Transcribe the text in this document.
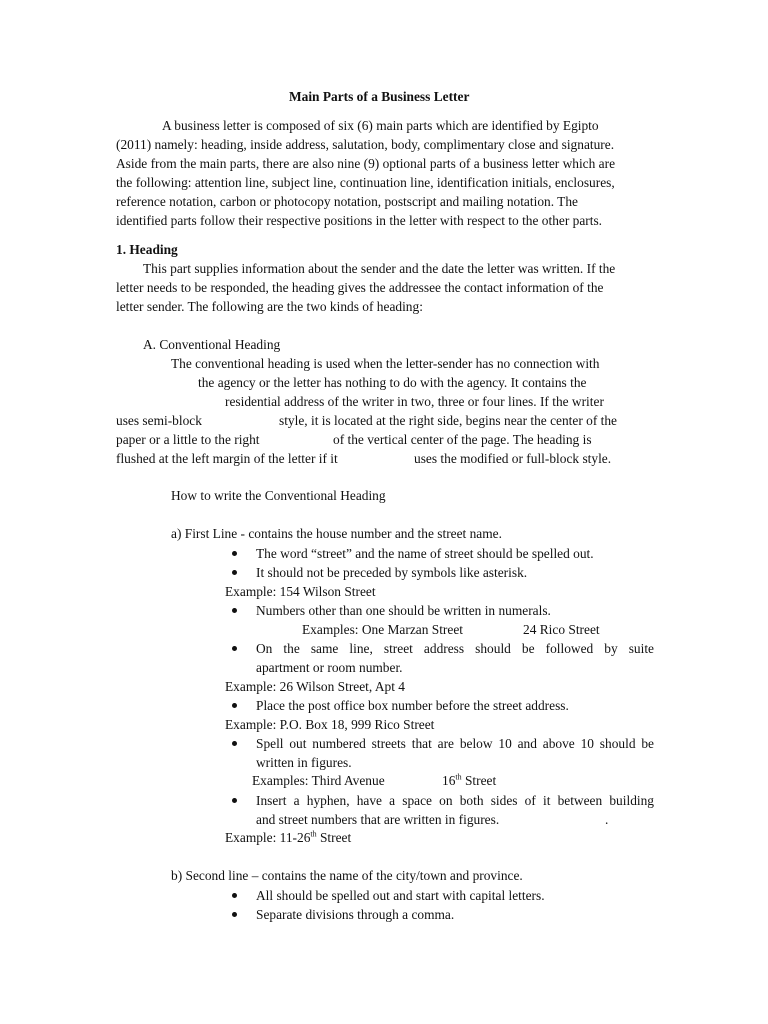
Main Parts of a Business Letter
A business letter is composed of six (6) main parts which are identified by Egipto
(2011) namely: heading, inside address, salutation, body, complimentary close and signature.
Aside from the main parts, there are also nine (9) optional parts of a business letter which are
the following: attention line, subject line, continuation line, identification initials, enclosures,
reference notation, carbon or photocopy notation, postscript and mailing notation. The
identified parts follow their respective positions in the letter with respect to the other parts.
1. Heading
This part supplies information about the sender and the date the letter was written. If the
letter needs to be responded, the heading gives the addressee the contact information of the
letter sender. The following are the two kinds of heading:
A. Conventional Heading
The conventional heading is used when the letter-sender has no connection with
the agency or the letter has nothing to do with the agency. It contains the
residential address of the writer in two, three or four lines. If the writer
uses semi-block	style, it is located at the right side, begins near the center of the
paper or a little to the right	of the vertical center of the page. The heading is
flushed at the left margin of the letter if it	uses the modified or full-block style.
How to write the Conventional Heading
a) First Line - contains the house number and the street name.
The word “street” and the name of street should be spelled out.
It should not be preceded by symbols like asterisk.
Example: 154 Wilson Street
Numbers other than one should be written in numerals.
Examples: One Marzan Street	24 Rico Street
On the same line, street address should be followed by suite
apartment or room number.
Example: 26 Wilson Street, Apt 4
Place the post office box number before the street address.
Example: P.O. Box 18, 999 Rico Street
Spell out numbered streets that are below 10 and above 10 should be
written in figures.
Examples: Third Avenue	16th Street
Insert a hyphen, have a space on both sides of it between building
and street numbers that are written in figures.	.
Example: 11-26th Street
b) Second line – contains the name of the city/town and province.
All should be spelled out and start with capital letters.
Separate divisions through a comma.
